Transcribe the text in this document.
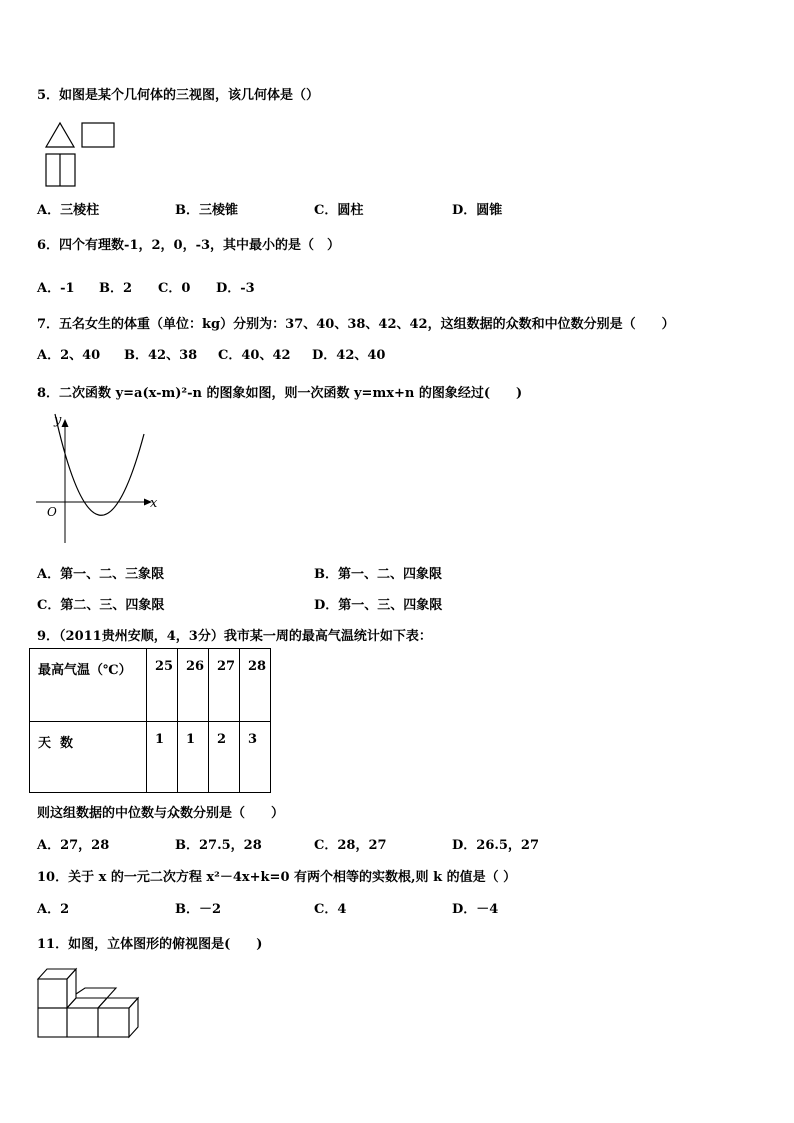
5．如图是某个几何体的三视图，该几何体是（）
A．三棱柱	B．三棱锥	C．圆柱	D．圆锥
6．四个有理数-1，2，0，-3，其中最小的是（　）
A．-1 B．2 C．0 D．-3
7．五名女生的体重（单位：kg）分别为：37、40、38、42、42，这组数据的众数和中位数分别是（　　）
A．2、40 B．42、38 C．40、42 D．42、40
8．二次函数 y=a(x-m)²-n 的图象如图，则一次函数 y=mx+n 的图象经过(　　)
y
x
O
A．第一、二、三象限	B．第一、二、四象限
C．第二、三、四象限	D．第一、三、四象限
9．（2011贵州安顺，4，3分）我市某一周的最高气温统计如下表：
最高气温（℃）	25	26	27	28
天  数	1	1	2	3
则这组数据的中位数与众数分别是（　　）
A．27，28	B．27.5，28	C．28，27	D．26.5，27
10．关于 x 的一元二次方程 x²－4x+k=0 有两个相等的实数根,则 k 的值是（ ）
A．2	B．－2	C．4	D．－4
11．如图，立体图形的俯视图是(　　)
